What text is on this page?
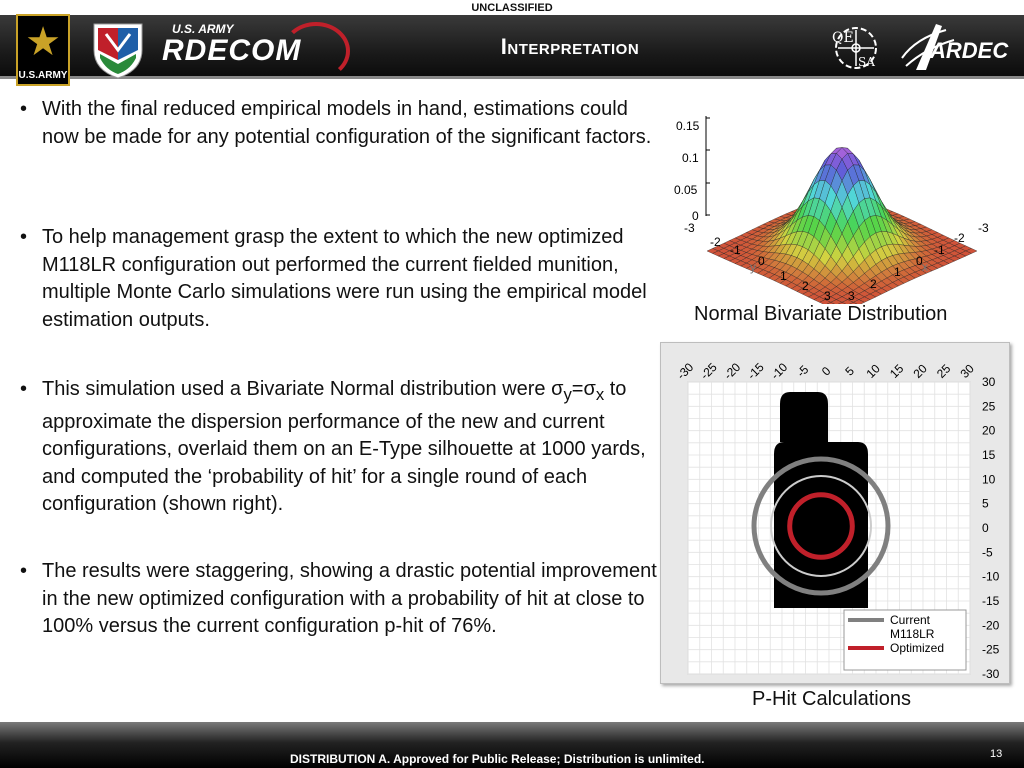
UNCLASSIFIED
★
U.S.ARMY
U.S. ARMY
RDECOM	Interpretation	QE
SA	ARDEC
• With the final reduced empirical models in hand, estimations could now be made for any potential configuration of the significant factors.
• To help management grasp the extent to which the new optimized M118LR configuration out performed the current fielded munition, multiple Monte Carlo simulations were run using the empirical model estimation outputs.
• This simulation used a Bivariate Normal distribution were $\sigma_y=\sigma_x$ to approximate the dispersion performance of the new and current configurations, overlaid them on an E-Type silhouette at 1000 yards, and computed the ‘probability of hit’ for a single round of each configuration (shown right).
• The results were staggering, showing a drastic potential improvement in the new optimized configuration with a probability of hit at close to 100% versus the current configuration p-hit of 76%.
0.15
0.1
0.05
0
-3
-2
-1
0
y
1
2
3 3
2
1
0 x
-1
-2
-3
Normal Bivariate Distribution
-30 -25 -20 -15 -10 -5 0 5 10 15 20 25 30
30
25
20
15
10
5
0
-5
-10
-15
-20
-25
-30
Current
M118LR
Optimized
P-Hit Calculations
DISTRIBUTION A. Approved for Public Release; Distribution is unlimited.	13
